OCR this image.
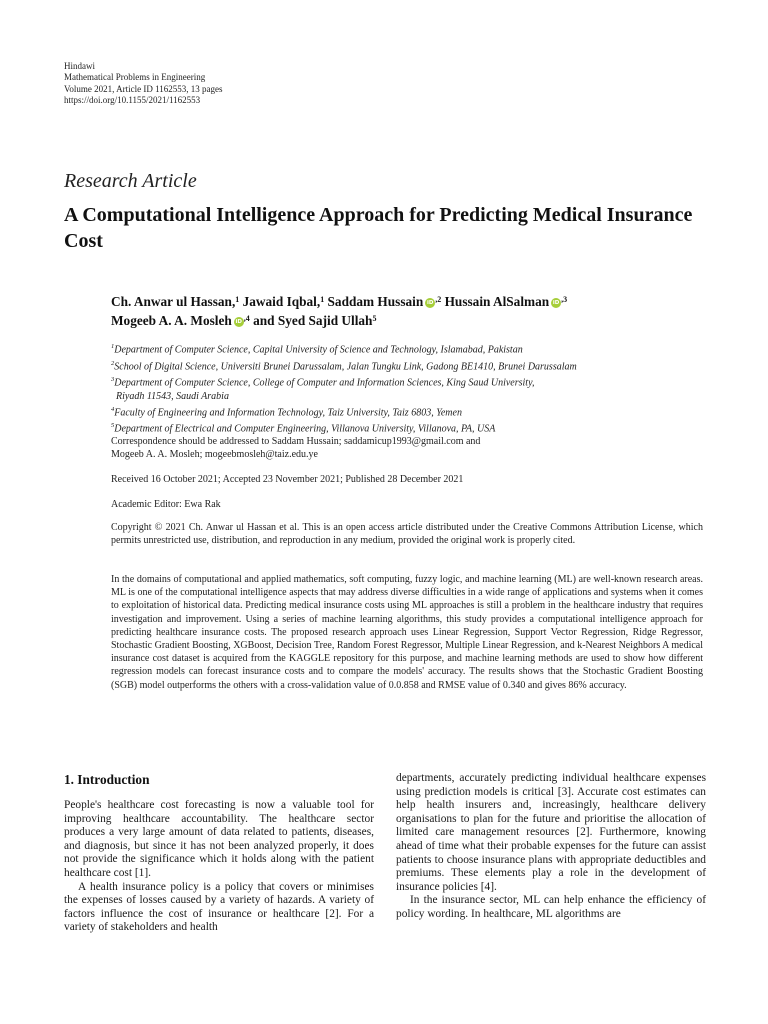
Hindawi
Mathematical Problems in Engineering
Volume 2021, Article ID 1162553, 13 pages
https://doi.org/10.1155/2021/1162553
Research Article
A Computational Intelligence Approach for Predicting Medical Insurance Cost
Ch. Anwar ul Hassan,$^1$ Jawaid Iqbal,$^1$ Saddam Hussain iD $^{,2}$ Hussain AlSalman iD $^{,3}$
Mogeeb A. A. Mosleh iD $^{,4}$ and Syed Sajid Ullah$^5$
$^1$Department of Computer Science, Capital University of Science and Technology, Islamabad, Pakistan
$^2$School of Digital Science, Universiti Brunei Darussalam, Jalan Tungku Link, Gadong BE1410, Brunei Darussalam
$^3$Department of Computer Science, College of Computer and Information Sciences, King Saud University,
Riyadh 11543, Saudi Arabia
$^4$Faculty of Engineering and Information Technology, Taiz University, Taiz 6803, Yemen
$^5$Department of Electrical and Computer Engineering, Villanova University, Villanova, PA, USA
Correspondence should be addressed to Saddam Hussain; saddamicup1993@gmail.com and
Mogeeb A. A. Mosleh; mogeebmosleh@taiz.edu.ye
Received 16 October 2021; Accepted 23 November 2021; Published 28 December 2021
Academic Editor: Ewa Rak
Copyright © 2021 Ch. Anwar ul Hassan et al. This is an open access article distributed under the Creative Commons Attribution License, which permits unrestricted use, distribution, and reproduction in any medium, provided the original work is properly cited.
In the domains of computational and applied mathematics, soft computing, fuzzy logic, and machine learning (ML) are well-known research areas. ML is one of the computational intelligence aspects that may address diverse difficulties in a wide range of applications and systems when it comes to exploitation of historical data. Predicting medical insurance costs using ML approaches is still a problem in the healthcare industry that requires investigation and improvement. Using a series of machine learning algorithms, this study provides a computational intelligence approach for predicting healthcare insurance costs. The proposed research approach uses Linear Regression, Support Vector Regression, Ridge Regressor, Stochastic Gradient Boosting, XGBoost, Decision Tree, Random Forest Regressor, Multiple Linear Regression, and k-Nearest Neighbors A medical insurance cost dataset is acquired from the KAGGLE repository for this purpose, and machine learning methods are used to show how different regression models can forecast insurance costs and to compare the models' accuracy. The results shows that the Stochastic Gradient Boosting (SGB) model outperforms the others with a cross-validation value of 0.0.858 and RMSE value of 0.340 and gives 86% accuracy.
1. Introduction

People's healthcare cost forecasting is now a valuable tool for improving healthcare accountability. The healthcare sector produces a very large amount of data related to patients, diseases, and diagnosis, but since it has not been analyzed properly, it does not provide the significance which it holds along with the patient healthcare cost [1].

A health insurance policy is a policy that covers or minimises the expenses of losses caused by a variety of hazards. A variety of factors influence the cost of insurance or healthcare [2]. For a variety of stakeholders and health

departments, accurately predicting individual healthcare expenses using prediction models is critical [3]. Accurate cost estimates can help health insurers and, increasingly, healthcare delivery organisations to plan for the future and prioritise the allocation of limited care management resources [2]. Furthermore, knowing ahead of time what their probable expenses for the future can assist patients to choose insurance plans with appropriate deductibles and premiums. These elements play a role in the development of insurance policies [4].

In the insurance sector, ML can help enhance the efficiency of policy wording. In healthcare, ML algorithms are
